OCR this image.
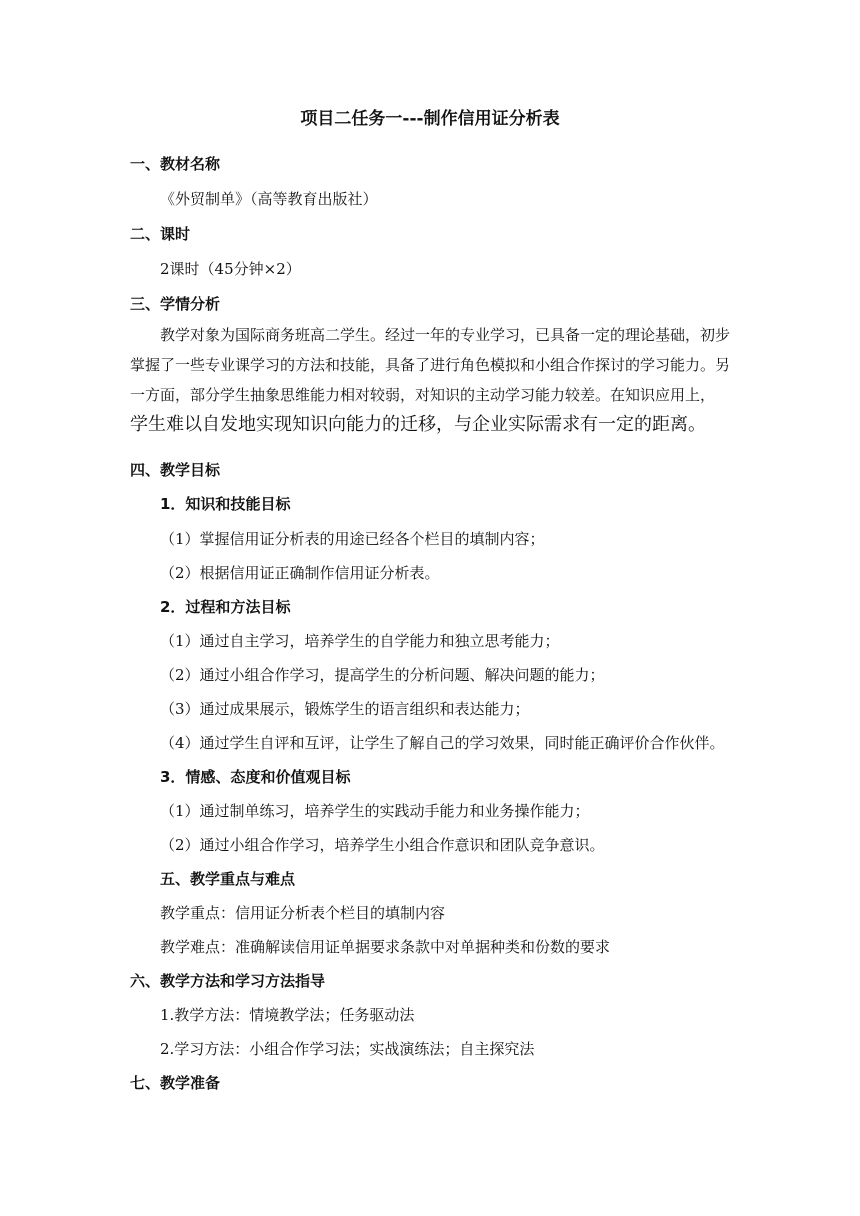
项目二任务一---制作信用证分析表
一、教材名称
《外贸制单》（高等教育出版社）
二、课时
2课时（45分钟×2）
三、学情分析
教学对象为国际商务班高二学生。经过一年的专业学习，已具备一定的理论基础，初步
掌握了一些专业课学习的方法和技能，具备了进行角色模拟和小组合作探讨的学习能力。另
一方面，部分学生抽象思维能力相对较弱，对知识的主动学习能力较差。在知识应用上，
学生难以自发地实现知识向能力的迁移，与企业实际需求有一定的距离。
四、教学目标
1．知识和技能目标
（1）掌握信用证分析表的用途已经各个栏目的填制内容；
（2）根据信用证正确制作信用证分析表。
2．过程和方法目标
（1）通过自主学习，培养学生的自学能力和独立思考能力；
（2）通过小组合作学习，提高学生的分析问题、解决问题的能力；
（3）通过成果展示，锻炼学生的语言组织和表达能力；
（4）通过学生自评和互评，让学生了解自己的学习效果，同时能正确评价合作伙伴。
3．情感、态度和价值观目标
（1）通过制单练习，培养学生的实践动手能力和业务操作能力；
（2）通过小组合作学习，培养学生小组合作意识和团队竞争意识。
五、教学重点与难点
教学重点：信用证分析表个栏目的填制内容
教学难点：准确解读信用证单据要求条款中对单据种类和份数的要求
六、教学方法和学习方法指导
1.教学方法：情境教学法；任务驱动法
2.学习方法：小组合作学习法；实战演练法；自主探究法
七、教学准备
